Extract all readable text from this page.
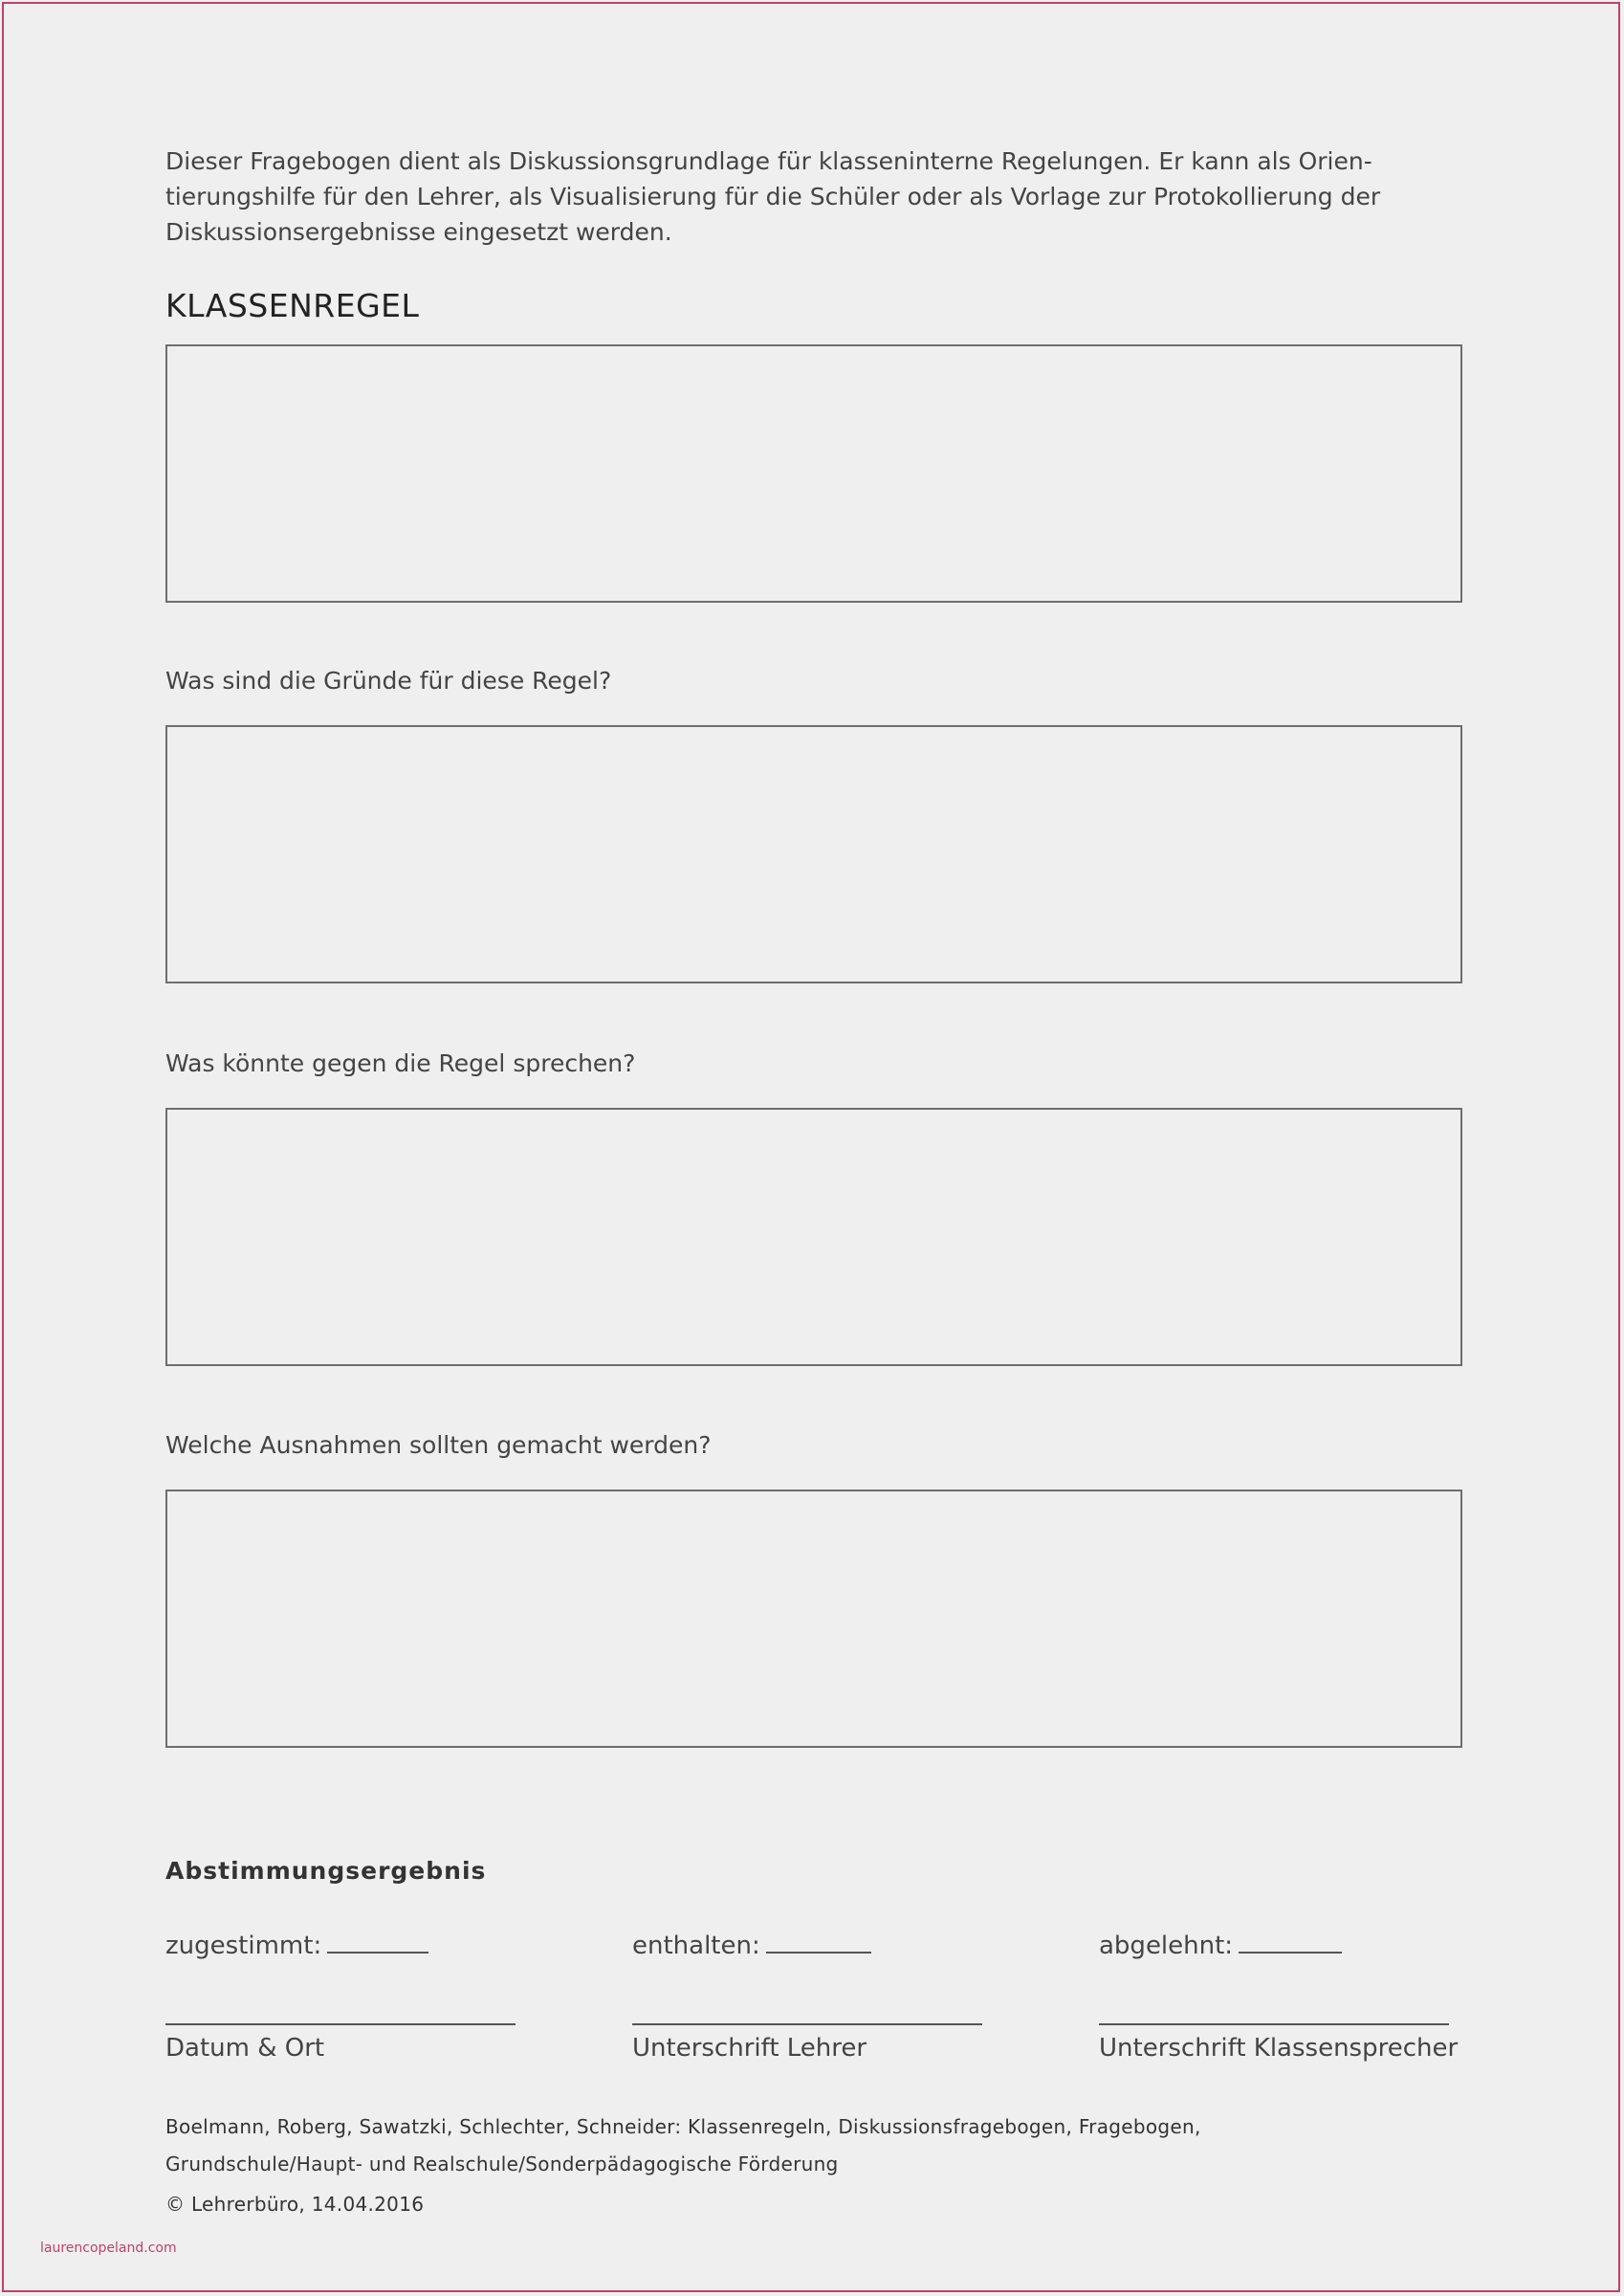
Dieser Fragebogen dient als Diskussionsgrundlage für klasseninterne Regelungen. Er kann als Orien-
tierungshilfe für den Lehrer, als Visualisierung für die Schüler oder als Vorlage zur Protokollierung der
Diskussionsergebnisse eingesetzt werden.

KLASSENREGEL

Was sind die Gründe für diese Regel?

Was könnte gegen die Regel sprechen?

Welche Ausnahmen sollten gemacht werden?

Abstimmungsergebnis

zugestimmt:	enthalten:	abgelehnt:
Datum & Ort	Unterschrift Lehrer	Unterschrift Klassensprecher
Boelmann, Roberg, Sawatzki, Schlechter, Schneider: Klassenregeln, Diskussionsfragebogen, Fragebogen,
Grundschule/Haupt- und Realschule/Sonderpädagogische Förderung
© Lehrerbüro, 14.04.2016
laurencopeland.com
